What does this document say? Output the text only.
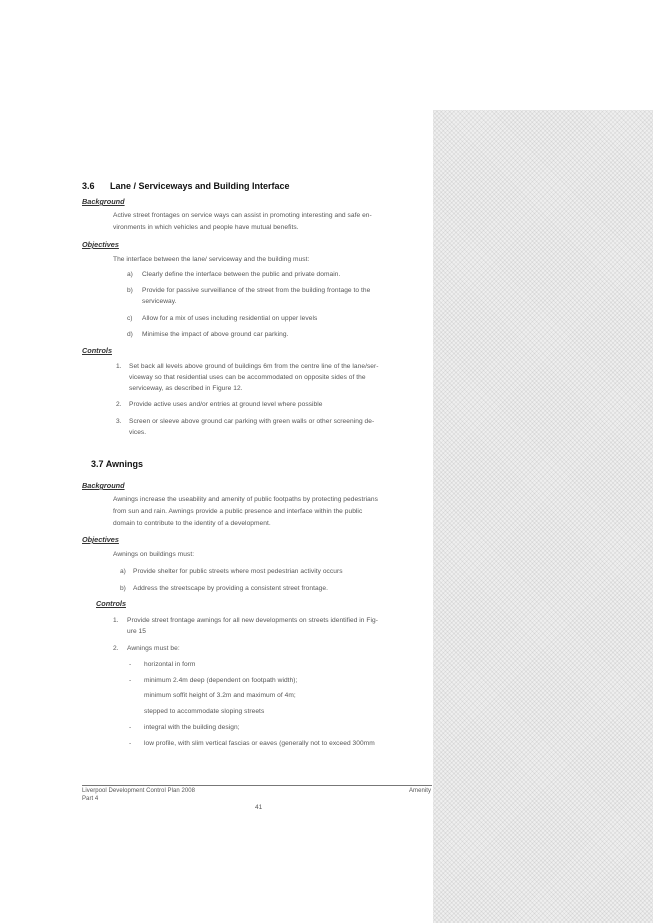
3.6 Lane / Serviceways and Building Interface
Background
Active street frontages on service ways can assist in promoting interesting and safe en-
vironments in which vehicles and people have mutual benefits.
Objectives
The interface between the lane/ serviceway and the building must:
a) Clearly define the interface between the public and private domain.
b) Provide for passive surveillance of the street from the building frontage to the
serviceway.
c) Allow for a mix of uses including residential on upper levels
d) Minimise the impact of above ground car parking.
Controls
1. Set back all levels above ground of buildings 6m from the centre line of the lane/ser-
viceway so that residential uses can be accommodated on opposite sides of the
serviceway, as described in Figure 12.
2. Provide active uses and/or entries at ground level where possible
3. Screen or sleeve above ground car parking with green walls or other screening de-
vices.
3.7 Awnings
Background
Awnings increase the useability and amenity of public footpaths by protecting pedestrians
from sun and rain. Awnings provide a public presence and interface within the public
domain to contribute to the identity of a development.
Objectives
Awnings on buildings must:
a) Provide shelter for public streets where most pedestrian activity occurs
b) Address the streetscape by providing a consistent street frontage.
Controls
1. Provide street frontage awnings for all new developments on streets identified in Fig-
ure 15
2. Awnings must be:
- horizontal in form
- minimum 2.4m deep (dependent on footpath width);
minimum soffit height of 3.2m and maximum of 4m;
stepped to accommodate sloping streets
- integral with the building design;
- low profile, with slim vertical fascias or eaves (generally not to exceed 300mm
Liverpool Development Control Plan 2008
Part 4
Amenity
41
